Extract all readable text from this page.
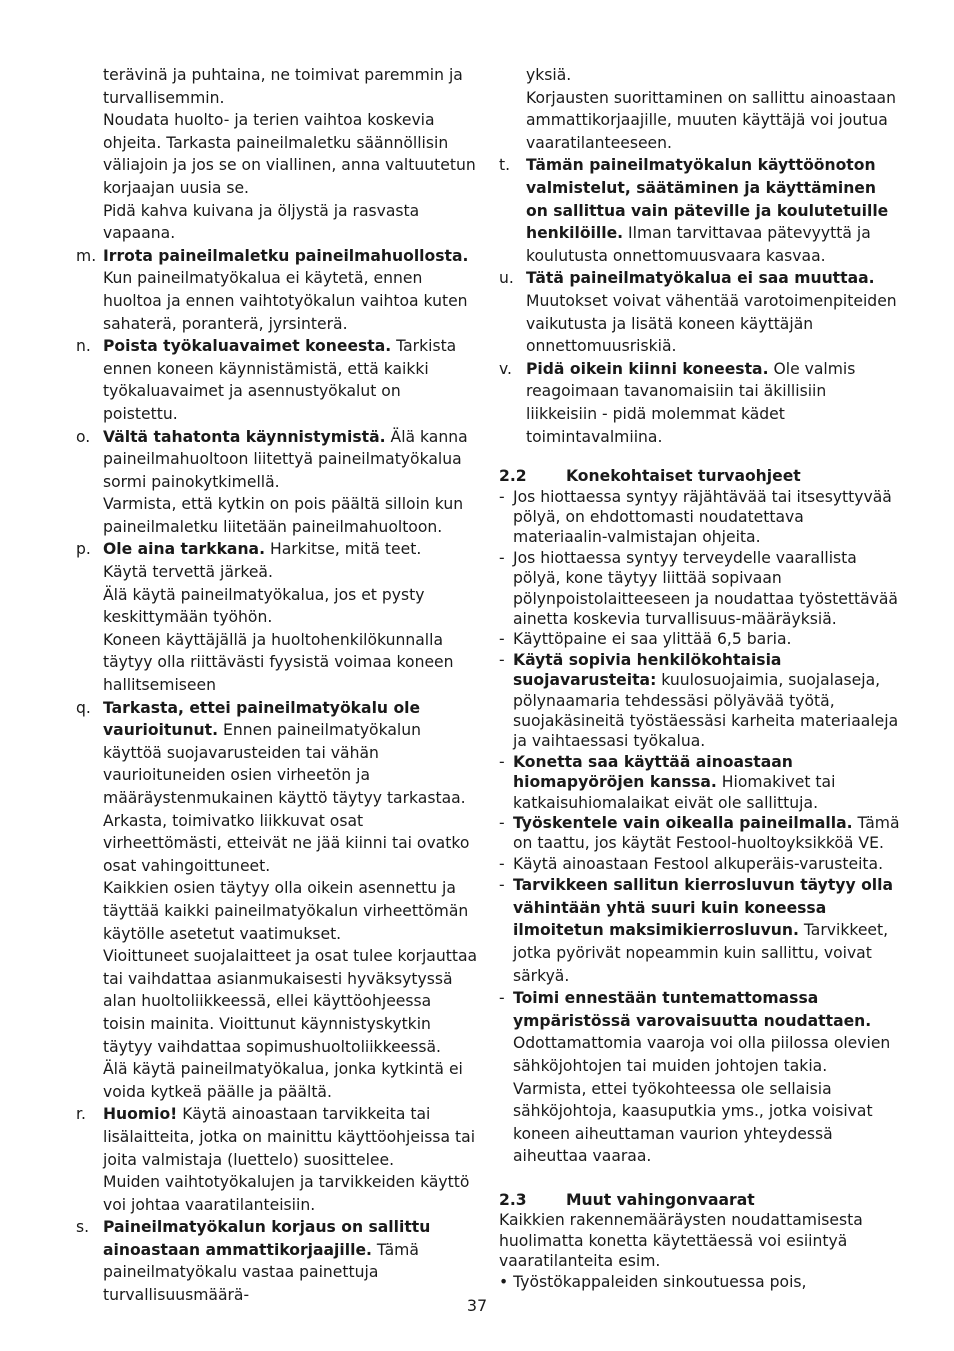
terävinä ja puhtaina, ne toimivat paremmin ja turvallisemmin.

Noudata huolto- ja terien vaihtoa koskevia ohjeita. Tarkasta paineilmaletku säännöllisin väliajoin ja jos se on viallinen, anna valtuutetun korjaajan uusia se.

Pidä kahva kuivana ja öljystä ja rasvasta vapaana.

m. Irrota paineilmaletku paineilmahuollosta. Kun paineilmatyökalua ei käytetä, ennen huoltoa ja ennen vaihtotyökalun vaihtoa kuten sahaterä, poranterä, jyrsinterä.

n. Poista työkaluavaimet koneesta. Tarkista ennen koneen käynnistämistä, että kaikki työkaluavaimet ja asennustyökalut on poistettu.

o. Vältä tahatonta käynnistymistä. Älä kanna paineilmahuoltoon liitettyä paineilmatyökalua sormi painokytkimellä.

Varmista, että kytkin on pois päältä silloin kun paineilmaletku liitetään paineilmahuoltoon.

p. Ole aina tarkkana. Harkitse, mitä teet.

Käytä tervettä järkeä.

Älä käytä paineilmatyökalua, jos et pysty keskittymään työhön.

Koneen käyttäjällä ja huoltohenkilökunnalla täytyy olla riittävästi fyysistä voimaa koneen hallitsemiseen

q. Tarkasta, ettei paineilmatyökalu ole vaurioitunut. Ennen paineilmatyökalun käyttöä suojavarusteiden tai vähän vaurioituneiden osien virheetön ja määräystenmukainen käyttö täytyy tarkastaa.

Arkasta, toimivatko liikkuvat osat virheettömästi, etteivät ne jää kiinni tai ovatko osat vahingoittuneet.

Kaikkien osien täytyy olla oikein asennettu ja täyttää kaikki paineilmatyökalun virheettömän käytölle asetetut vaatimukset.

Vioittuneet suojalaitteet ja osat tulee korjauttaa tai vaihdattaa asianmukaisesti hyväksytyssä alan huoltoliikkeessä, ellei käyttöohjeessa toisin mainita. Vioittunut käynnistyskytkin täytyy vaihdattaa sopimushuoltoliikkeessä.

Älä käytä paineilmatyökalua, jonka kytkintä ei voida kytkeä päälle ja päältä.

r.	Huomio! Käytä ainoastaan tarvikkeita tai lisälaitteita, jotka on mainittu käyttöohjeissa tai joita valmistaja (luettelo) suosittelee.

Muiden vaihtotyökalujen ja tarvikkeiden käyttö voi johtaa vaaratilanteisiin.

s. Paineilmatyökalun korjaus on sallittu ainoastaan ammattikorjaajille. Tämä paineilmatyökalu vastaa painettuja turvallisuusmäärä-

yksiä.

Korjausten suorittaminen on sallittu ainoastaan ammattikorjaajille, muuten käyttäjä voi joutua vaaratilanteeseen.

t.	Tämän paineilmatyökalun käyttöönoton valmistelut, säätäminen ja käyttäminen on sallittua vain päteville ja koulutetuille henkilöille. Ilman tarvittavaa pätevyyttä ja koulutusta onnettomuusvaara kasvaa.

u. Tätä paineilmatyökalua ei saa muuttaa. Muutokset voivat vähentää varotoimenpiteiden vaikutusta ja lisätä koneen käyttäjän onnettomuusriskiä.

v. Pidä oikein kiinni koneesta. Ole valmis reagoimaan tavanomaisiin tai äkillisiin liikkeisiin - pidä molemmat kädet toimintavalmiina.

2.2	Konekohtaiset turvaohjeet
- Jos hiottaessa syntyy räjähtävää tai itsesyttyvää pölyä, on ehdottomasti noudatettava materiaalin-valmistajan ohjeita.
- Jos hiottaessa syntyy terveydelle vaarallista pölyä, kone täytyy liittää sopivaan pölynpoistolaitteeseen ja noudattaa työstettävää ainetta koskevia turvallisuus-määräyksiä.
- Käyttöpaine ei saa ylittää 6,5 baria.
- Käytä sopivia henkilökohtaisia suojavarusteita: kuulosuojaimia, suojalaseja, pölynaamaria tehdessäsi pölyävää työtä, suojakäsineitä työstäessäsi karheita materiaaleja ja vaihtaessasi työkalua.
- Konetta saa käyttää ainoastaan hiomapyöröjen kanssa. Hiomakivet tai katkaisuhiomalaikat eivät ole sallittuja.
- Työskentele vain oikealla paineilmalla. Tämä on taattu, jos käytät Festool-huoltoyksikköä VE.
- Käytä ainoastaan Festool alkuperäis-varusteita.
- Tarvikkeen sallitun kierrosluvun täytyy olla vähintään yhtä suuri kuin koneessa ilmoitetun maksimikierrosluvun. Tarvikkeet, jotka pyörivät nopeammin kuin sallittu, voivat särkyä.
- Toimi ennestään tuntemattomassa ympäristössä varovaisuutta noudattaen. Odottamattomia vaaroja voi olla piilossa olevien sähköjohtojen tai muiden johtojen takia. Varmista, ettei työkohteessa ole sellaisia sähköjohtoja, kaasuputkia yms., jotka voisivat koneen aiheuttaman vaurion yhteydessä aiheuttaa vaaraa.
2.3	Muut vahingonvaarat

Kaikkien rakennemääräysten noudattamisesta huolimatta konetta käytettäessä voi esiintyä vaaratilanteita esim.

• Työstökappaleiden sinkoutuessa pois,

37
